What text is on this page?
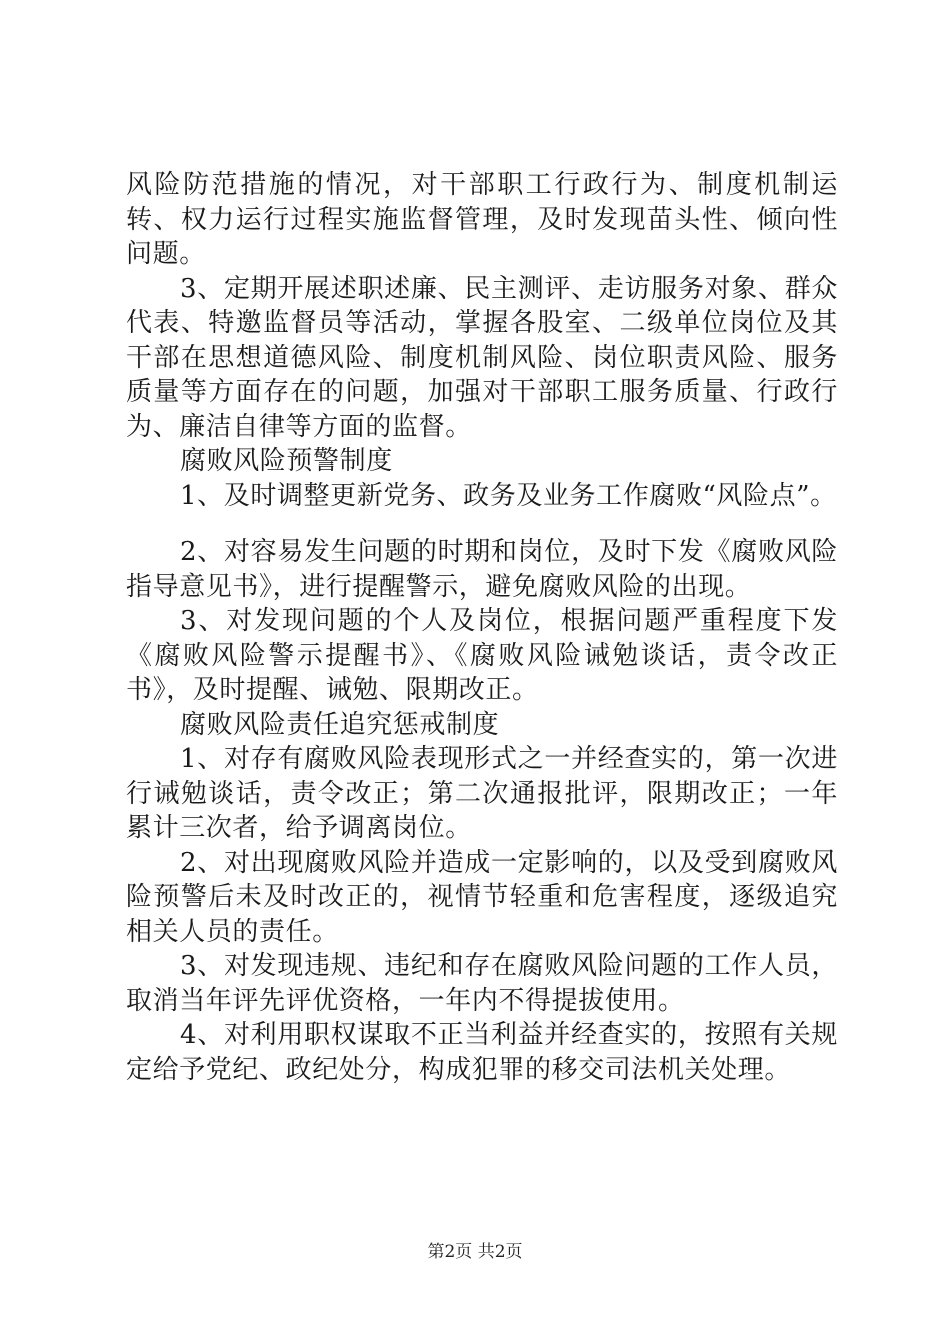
风险防范措施的情况，对干部职工行政行为、制度机制运转、权力运行过程实施监督管理，及时发现苗头性、倾向性问题。

3、定期开展述职述廉、民主测评、走访服务对象、群众代表、特邀监督员等活动，掌握各股室、二级单位岗位及其干部在思想道德风险、制度机制风险、岗位职责风险、服务质量等方面存在的问题，加强对干部职工服务质量、行政行为、廉洁自律等方面的监督。

腐败风险预警制度

1、及时调整更新党务、政务及业务工作腐败“风险点”。

2、对容易发生问题的时期和岗位，及时下发《腐败风险指导意见书》，进行提醒警示，避免腐败风险的出现。

3、对发现问题的个人及岗位，根据问题严重程度下发《腐败风险警示提醒书》、《腐败风险诫勉谈话，责令改正书》，及时提醒、诫勉、限期改正。

腐败风险责任追究惩戒制度

1、对存有腐败风险表现形式之一并经查实的，第一次进行诫勉谈话，责令改正；第二次通报批评，限期改正；一年累计三次者，给予调离岗位。

2、对出现腐败风险并造成一定影响的，以及受到腐败风险预警后未及时改正的，视情节轻重和危害程度，逐级追究相关人员的责任。

3、对发现违规、违纪和存在腐败风险问题的工作人员，取消当年评先评优资格，一年内不得提拔使用。

4、对利用职权谋取不正当利益并经查实的，按照有关规定给予党纪、政纪处分，构成犯罪的移交司法机关处理。

第2页 共2页
